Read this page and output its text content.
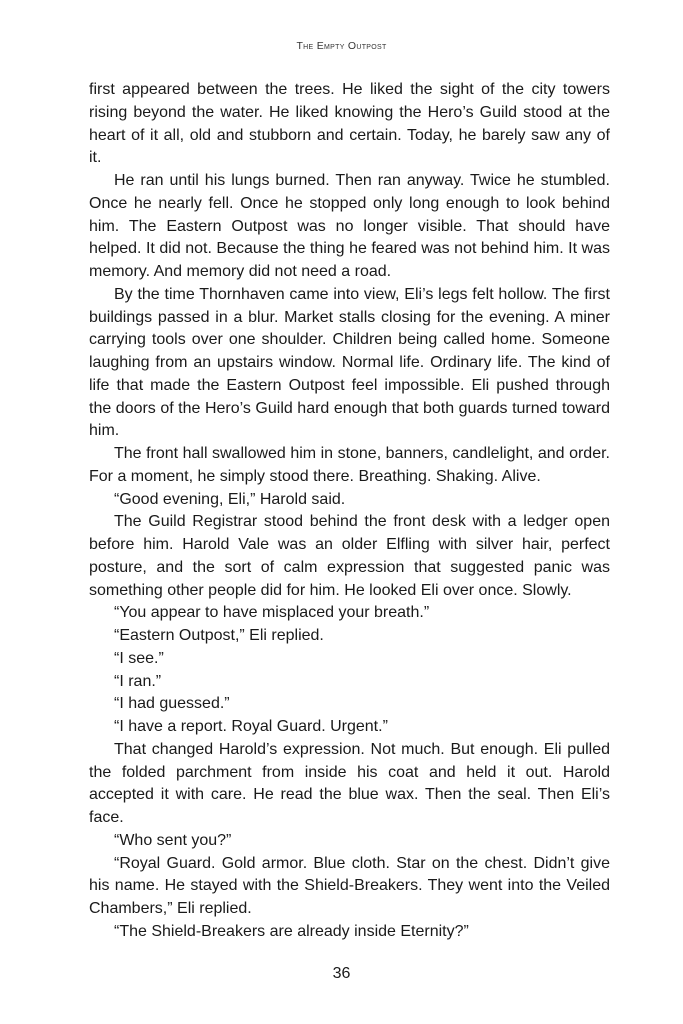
The Empty Outpost

first appeared between the trees. He liked the sight of the city towers rising beyond the water. He liked knowing the Hero’s Guild stood at the heart of it all, old and stubborn and certain. Today, he barely saw any of it.

He ran until his lungs burned. Then ran anyway. Twice he stumbled. Once he nearly fell. Once he stopped only long enough to look behind him. The Eastern Outpost was no longer visible. That should have helped. It did not. Because the thing he feared was not behind him. It was memory. And memory did not need a road.

By the time Thornhaven came into view, Eli’s legs felt hollow. The first buildings passed in a blur. Market stalls closing for the evening. A miner carrying tools over one shoulder. Children being called home. Someone laughing from an upstairs window. Normal life. Ordinary life. The kind of life that made the Eastern Outpost feel impossible. Eli pushed through the doors of the Hero’s Guild hard enough that both guards turned toward him.

The front hall swallowed him in stone, banners, candlelight, and order. For a moment, he simply stood there. Breathing. Shaking. Alive.

“Good evening, Eli,” Harold said.

The Guild Registrar stood behind the front desk with a ledger open before him. Harold Vale was an older Elfling with silver hair, perfect posture, and the sort of calm expression that suggested panic was something other people did for him. He looked Eli over once. Slowly.

“You appear to have misplaced your breath.”

“Eastern Outpost,” Eli replied.

“I see.”

“I ran.”

“I had guessed.”

“I have a report. Royal Guard. Urgent.”

That changed Harold’s expression. Not much. But enough. Eli pulled the folded parchment from inside his coat and held it out. Harold accepted it with care. He read the blue wax. Then the seal. Then Eli’s face.

“Who sent you?”

“Royal Guard. Gold armor. Blue cloth. Star on the chest. Didn’t give his name. He stayed with the Shield-Breakers. They went into the Veiled Chambers,” Eli replied.

“The Shield-Breakers are already inside Eternity?”

36
